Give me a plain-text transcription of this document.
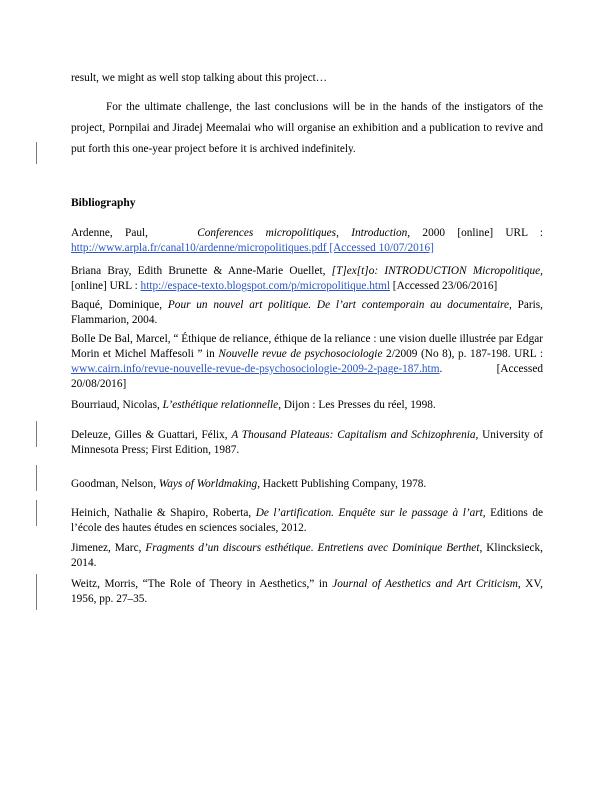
result, we might as well stop talking about this project…
For the ultimate challenge, the last conclusions will be in the hands of the instigators of the project, Pornpilai and Jiradej Meemalai who will organise an exhibition and a publication to revive and put forth this one-year project before it is archived indefinitely.
Bibliography
Ardenne, Paul,	Conferences micropolitiques, Introduction, 2000 [online] URL : http://www.arpla.fr/canal10/ardenne/micropolitiques.pdf [Accessed 10/07/2016]
Briana Bray, Edith Brunette & Anne-Marie Ouellet, [T]ex[t]o: INTRODUCTION Micropolitique, [online] URL : http://espace-texto.blogspot.com/p/micropolitique.html [Accessed 23/06/2016]
Baqué, Dominique, Pour un nouvel art politique. De l’art contemporain au documentaire, Paris, Flammarion, 2004.
Bolle De Bal, Marcel, “ Éthique de reliance, éthique de la reliance : une vision duelle illustrée par Edgar Morin et Michel Maffesoli ” in Nouvelle revue de psychosociologie 2/2009 (No 8), p. 187-198. URL : www.cairn.info/revue-nouvelle-revue-de-psychosociologie-2009-2-page-187.htm. [Accessed 20/08/2016]
Bourriaud, Nicolas, L’esthétique relationnelle, Dijon : Les Presses du réel, 1998.
Deleuze, Gilles & Guattari, Félix, A Thousand Plateaus: Capitalism and Schizophrenia, University of Minnesota Press; First Edition, 1987.
Goodman, Nelson, Ways of Worldmaking, Hackett Publishing Company, 1978.
Heinich, Nathalie & Shapiro, Roberta, De l’artification. Enquête sur le passage à l’art, Editions de l’école des hautes études en sciences sociales, 2012.
Jimenez, Marc, Fragments d’un discours esthétique. Entretiens avec Dominique Berthet, Klincksieck, 2014.
Weitz, Morris, “The Role of Theory in Aesthetics,” in Journal of Aesthetics and Art Criticism, XV, 1956, pp. 27–35.
